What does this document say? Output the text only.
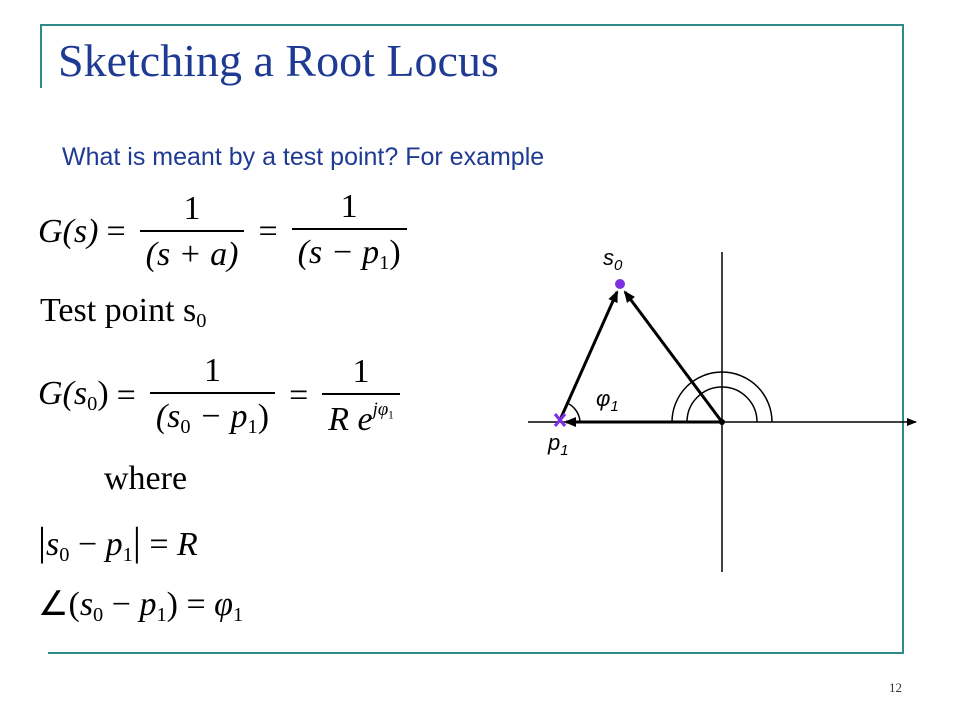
Sketching a Root Locus
What is meant by a test point? For example
$G(s) = \frac{1}{(s + a)} = \frac{1}{(s - p_1)}$
Test point $s_0$
$G(s_0) = \frac{1}{(s_0 - p_1)} = \frac{1}{R e^{j\varphi_1}}$
where
$|s_0 - p_1| = R$
$\angle(s_0 - p_1) = \varphi_1$
$s_0$
$p_1$
$\varphi_1$
12
